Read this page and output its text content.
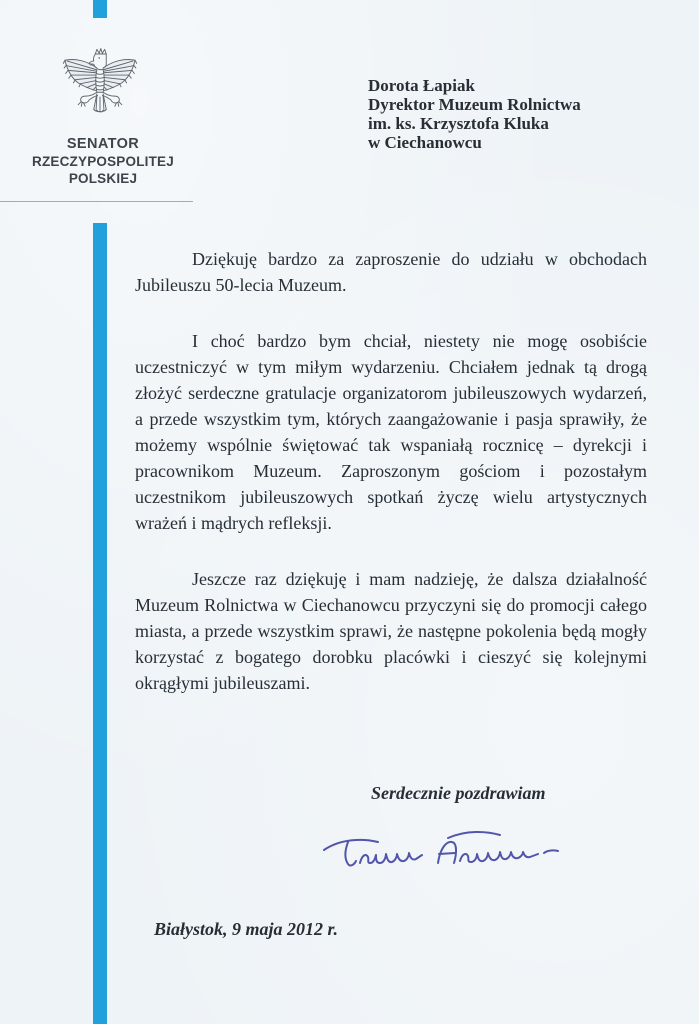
SENATOR
RZECZYPOSPOLITEJ POLSKIEJ
Dorota Łapiak
Dyrektor Muzeum Rolnictwa
im. ks. Krzysztofa Kluka
w Ciechanowcu

Dziękuję bardzo za zaproszenie do udziału w obchodach Jubileuszu 50-lecia Muzeum.

I choć bardzo bym chciał, niestety nie mogę osobiście uczestniczyć w tym miłym wydarzeniu. Chciałem jednak tą drogą złożyć serdeczne gratulacje organizatorom jubileuszowych wydarzeń, a przede wszystkim tym, których zaangażowanie i pasja sprawiły, że możemy wspólnie świętować tak wspaniałą rocznicę – dyrekcji i pracownikom Muzeum. Zaproszonym gościom i pozostałym uczestnikom jubileuszowych spotkań życzę wielu artystycznych wrażeń i mądrych refleksji.

Jeszcze raz dziękuję i mam nadzieję, że dalsza działalność Muzeum Rolnictwa w Ciechanowcu przyczyni się do promocji całego miasta, a przede wszystkim sprawi, że następne pokolenia będą mogły korzystać z bogatego dorobku placówki i cieszyć się kolejnymi okrągłymi jubileuszami.

Serdecznie pozdrawiam
Białystok, 9 maja 2012 r.
